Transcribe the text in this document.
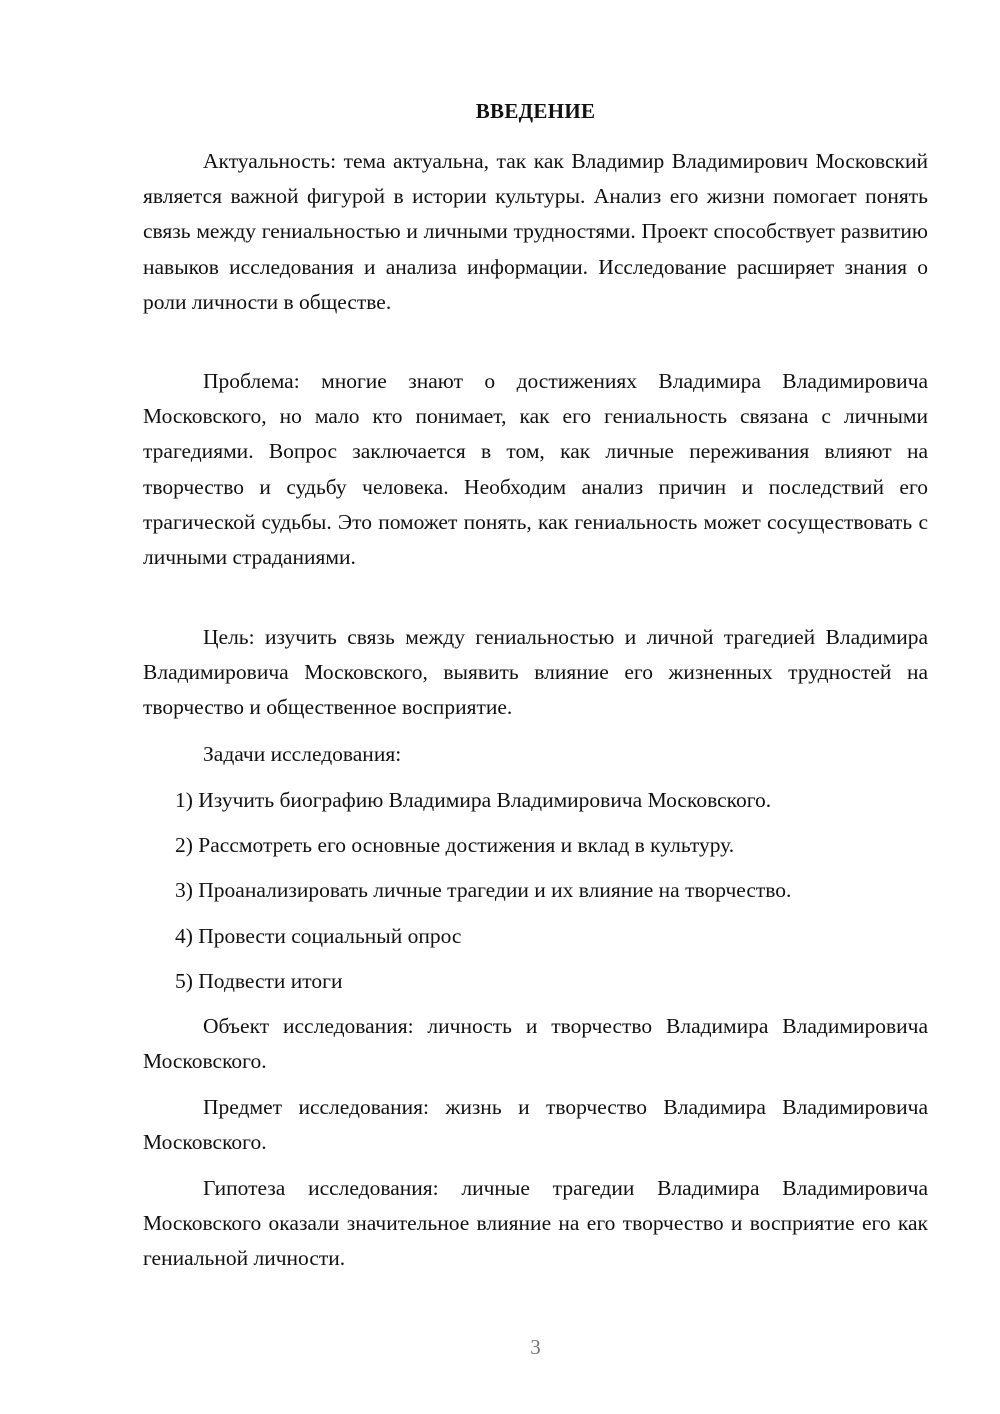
ВВЕДЕНИЕ

Актуальность: тема актуальна, так как Владимир Владимирович Московский является важной фигурой в истории культуры. Анализ его жизни помогает понять связь между гениальностью и личными трудностями. Проект способствует развитию навыков исследования и анализа информации. Исследование расширяет знания о роли личности в обществе.

Проблема: многие знают о достижениях Владимира Владимировича Московского, но мало кто понимает, как его гениальность связана с личными трагедиями. Вопрос заключается в том, как личные переживания влияют на творчество и судьбу человека. Необходим анализ причин и последствий его трагической судьбы. Это поможет понять, как гениальность может сосуществовать с личными страданиями.

Цель: изучить связь между гениальностью и личной трагедией Владимира Владимировича Московского, выявить влияние его жизненных трудностей на творчество и общественное восприятие.

Задачи исследования:

1) Изучить биографию Владимира Владимировича Московского.

2) Рассмотреть его основные достижения и вклад в культуру.

3) Проанализировать личные трагедии и их влияние на творчество.

4) Провести социальный опрос

5) Подвести итоги

Объект исследования: личность и творчество Владимира Владимировича Московского.

Предмет исследования: жизнь и творчество Владимира Владимировича Московского.

Гипотеза исследования: личные трагедии Владимира Владимировича Московского оказали значительное влияние на его творчество и восприятие его как гениальной личности.

3
